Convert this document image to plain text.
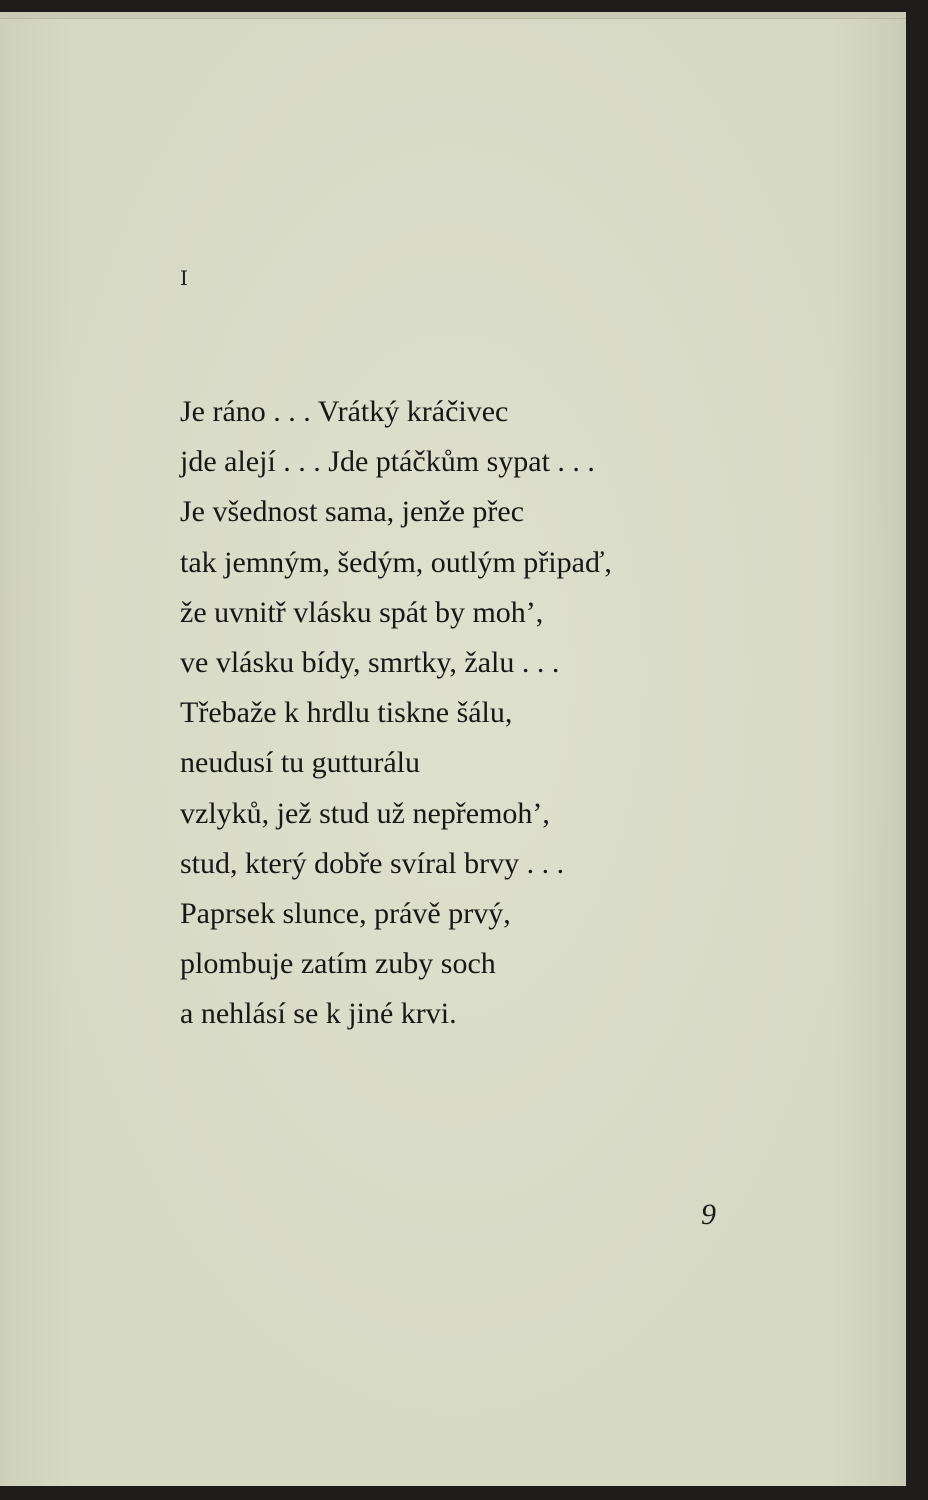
I
Je ráno . . . Vrátký kráčivec
jde alejí . . . Jde ptáčkům sypat . . .
Je všednost sama, jenže přec
tak jemným, šedým, outlým připaď,
že uvnitř vlásku spát by moh’,
ve vlásku bídy, smrtky, žalu . . .
Třebaže k hrdlu tiskne šálu,
neudusí tu gutturálu
vzlyků, jež stud už nepřemoh’,
stud, který dobře svíral brvy . . .
Paprsek slunce, právě prvý,
plombuje zatím zuby soch
a nehlásí se k jiné krvi.
9
